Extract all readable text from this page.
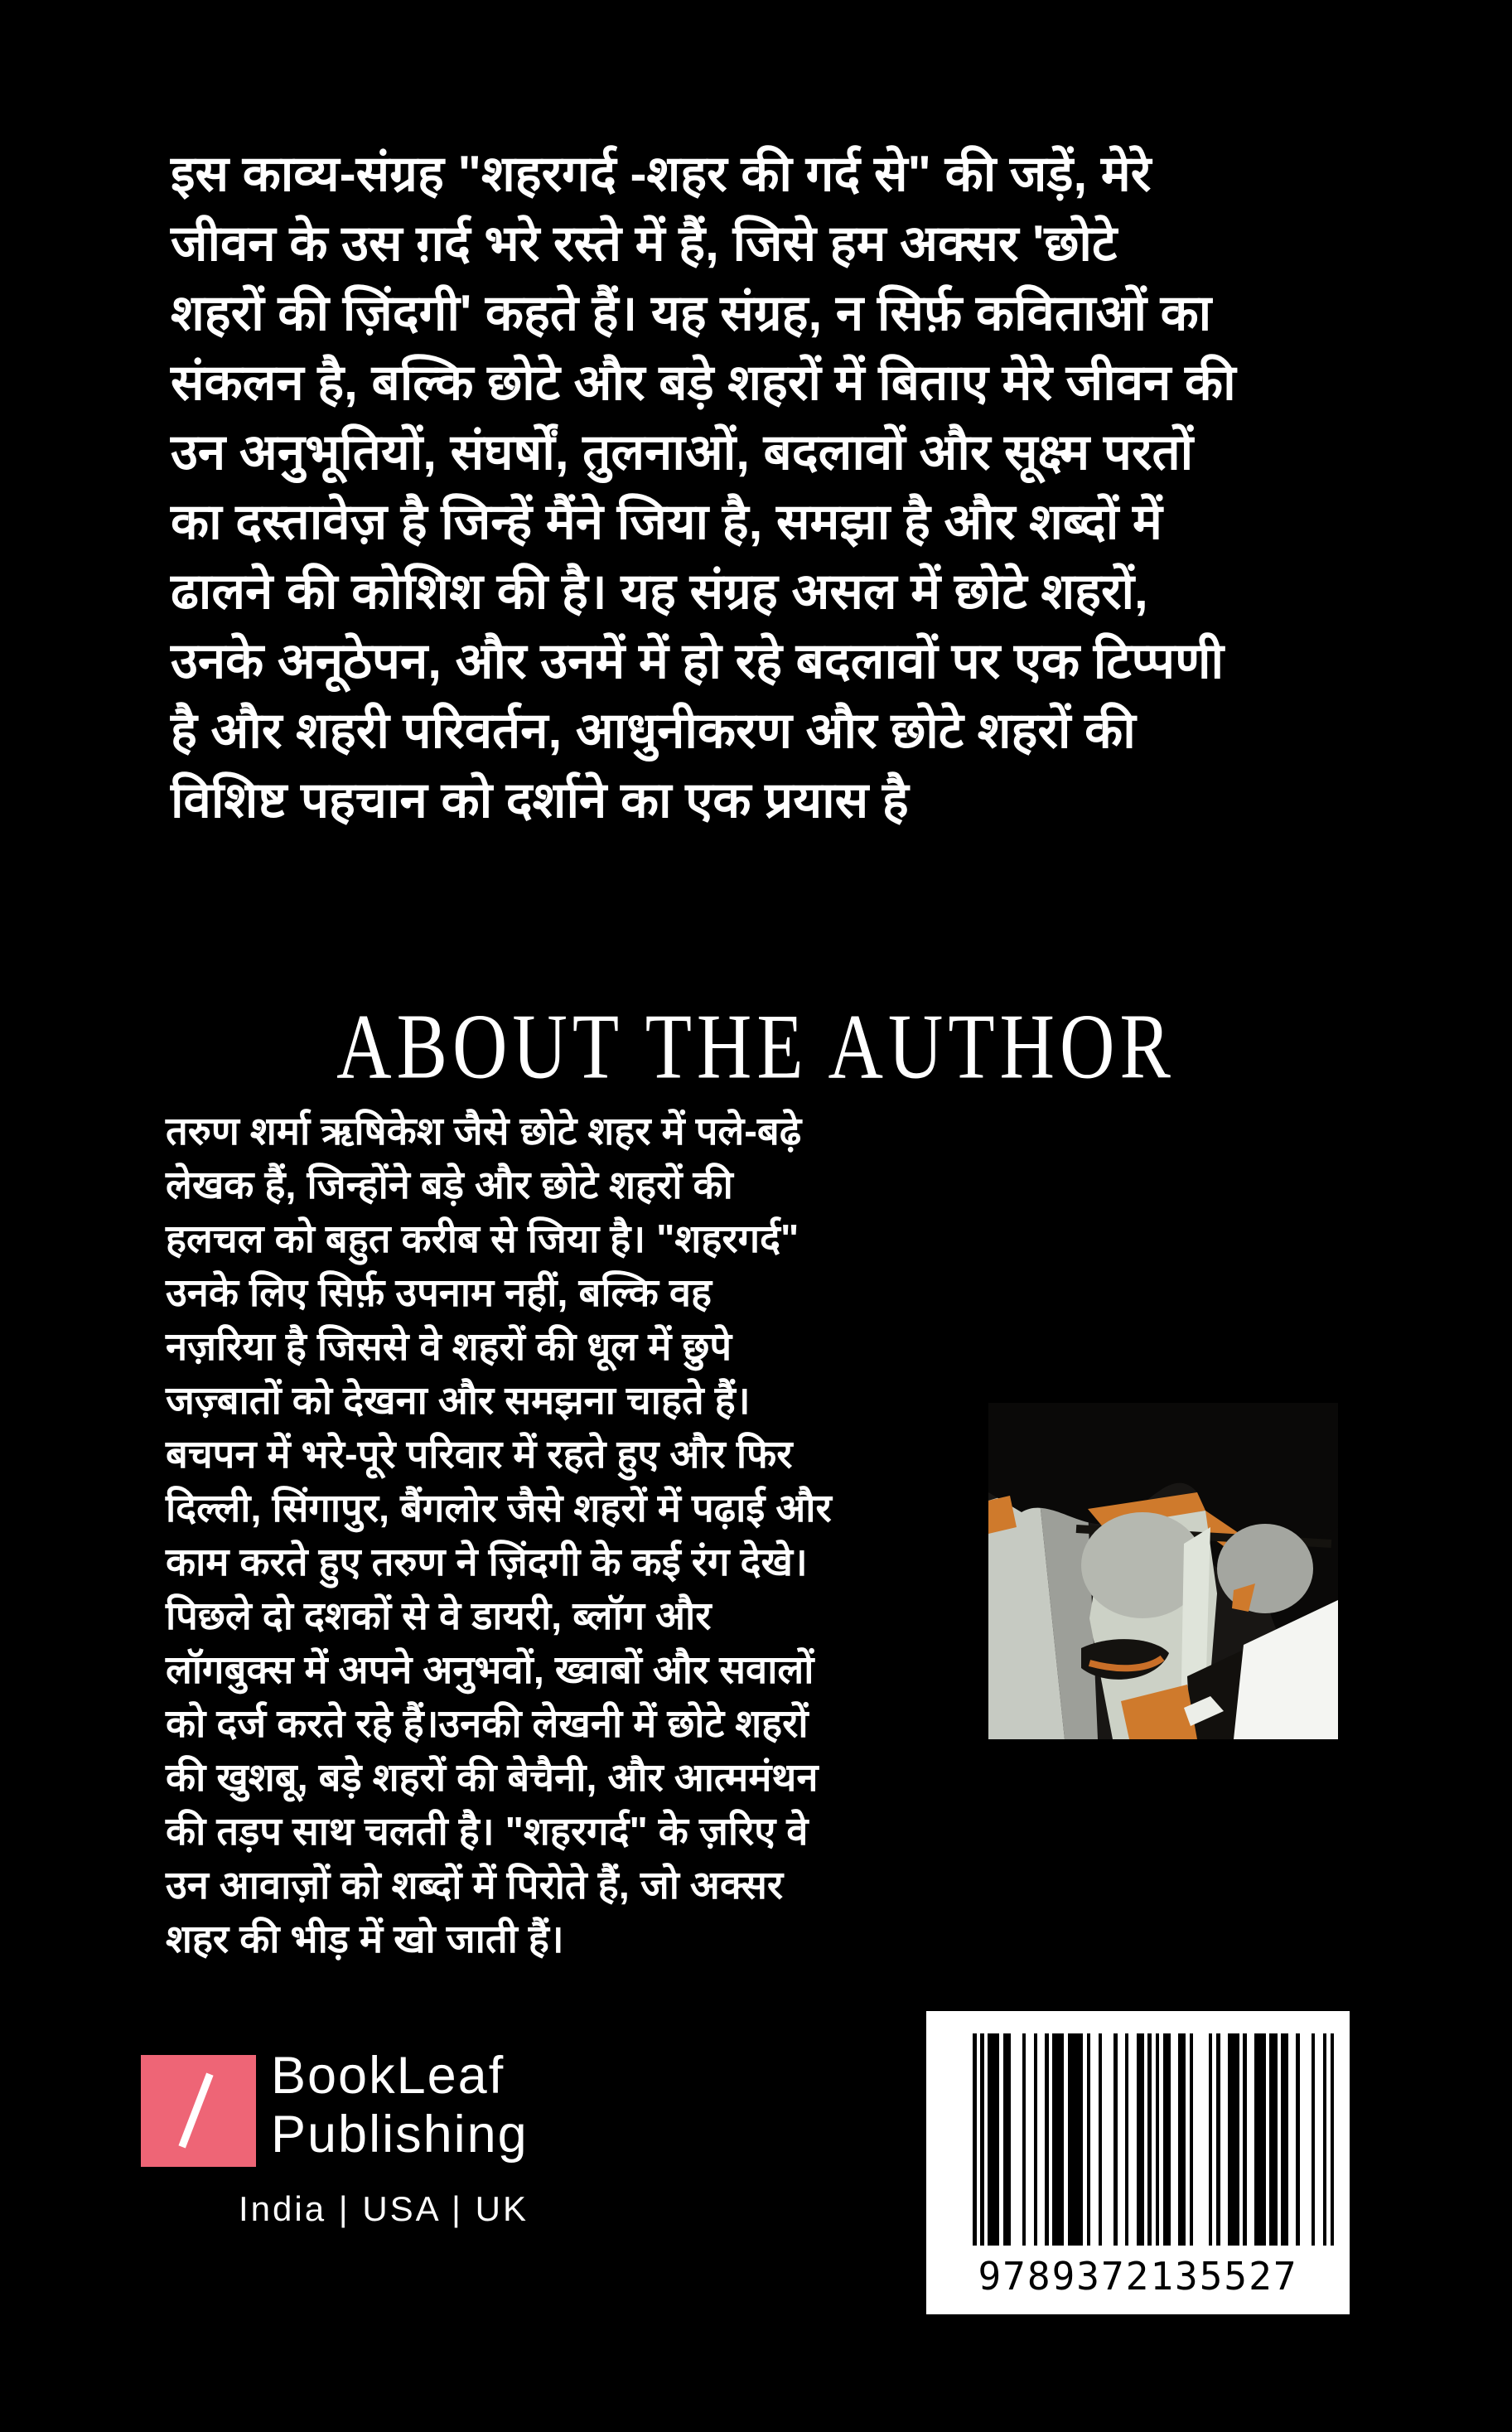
इस काव्य-संग्रह "शहरगर्द -शहर की गर्द से" की जड़ें, मेरे
जीवन के उस ग़र्द भरे रस्ते में हैं, जिसे हम अक्सर 'छोटे
शहरों की ज़िंदगी' कहते हैं। यह संग्रह, न सिर्फ़ कविताओं का
संकलन है, बल्कि छोटे और बड़े शहरों में बिताए मेरे जीवन की
उन अनुभूतियों, संघर्षों, तुलनाओं, बदलावों और सूक्ष्म परतों
का दस्तावेज़ है जिन्हें मैंने जिया है, समझा है और शब्दों में
ढालने की कोशिश की है। यह संग्रह असल में छोटे शहरों,
उनके अनूठेपन, और उनमें में हो रहे बदलावों पर एक टिप्पणी
है और शहरी परिवर्तन, आधुनीकरण और छोटे शहरों की
विशिष्ट पहचान को दर्शाने का एक प्रयास है
ABOUT THE AUTHOR
तरुण शर्मा ऋषिकेश जैसे छोटे शहर में पले-बढ़े
लेखक हैं, जिन्होंने बड़े और छोटे शहरों की
हलचल को बहुत करीब से जिया है। "शहरगर्द"
उनके लिए सिर्फ़ उपनाम नहीं, बल्कि वह
नज़रिया है जिससे वे शहरों की धूल में छुपे
जज़्बातों को देखना और समझना चाहते हैं।
बचपन में भरे-पूरे परिवार में रहते हुए और फिर
दिल्ली, सिंगापुर, बैंगलोर जैसे शहरों में पढ़ाई और
काम करते हुए तरुण ने ज़िंदगी के कई रंग देखे।
पिछले दो दशकों से वे डायरी, ब्लॉग और
लॉगबुक्स में अपने अनुभवों, ख्वाबों और सवालों
को दर्ज करते रहे हैं।उनकी लेखनी में छोटे शहरों
की खुशबू, बड़े शहरों की बेचैनी, और आत्ममंथन
की तड़प साथ चलती है। "शहरगर्द" के ज़रिए वे
उन आवाज़ों को शब्दों में पिरोते हैं, जो अक्सर
शहर की भीड़ में खो जाती हैं।
BookLeaf
Publishing
India | USA | UK
9789372135527
